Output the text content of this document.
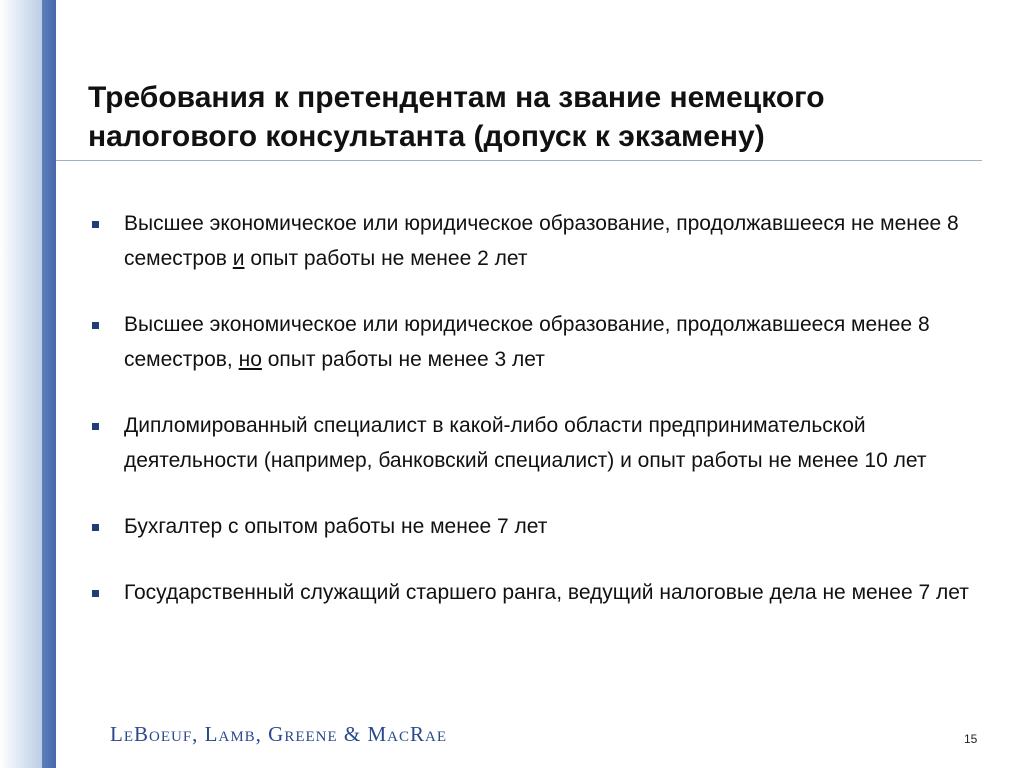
Требования к претендентам на звание немецкого налогового консультанта (допуск к экзамену)
Высшее экономическое или юридическое образование, продолжавшееся не менее 8 семестров и опыт работы не менее 2 лет
Высшее экономическое или юридическое образование, продолжавшееся менее 8 семестров, но опыт работы не менее 3 лет
Дипломированный специалист в какой-либо области предпринимательской деятельности (например, банковский специалист) и опыт работы не менее 10 лет
Бухгалтер с опытом работы не менее 7 лет
Государственный служащий старшего ранга, ведущий налоговые дела не менее 7 лет
LeBoeuf, Lamb, Greene & MacRae	15
